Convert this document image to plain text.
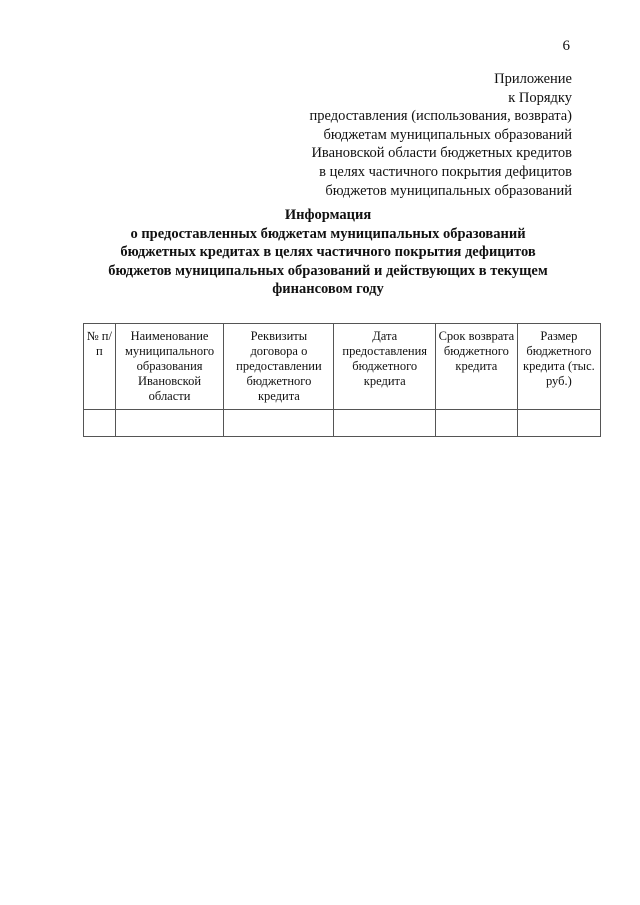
6
Приложение
к Порядку
предоставления (использования, возврата)
бюджетам муниципальных образований
Ивановской области бюджетных кредитов
в целях частичного покрытия дефицитов
бюджетов муниципальных образований
Информация
о предоставленных бюджетам муниципальных образований
бюджетных кредитах в целях частичного покрытия дефицитов
бюджетов муниципальных образований и действующих в текущем
финансовом году
№ п/п	Наименование муниципального образования Ивановской области	Реквизиты договора о предоставлении бюджетного кредита	Дата предоставления бюджетного кредита	Срок возврата бюджетного кредита	Размер бюджетного кредита (тыс. руб.)
